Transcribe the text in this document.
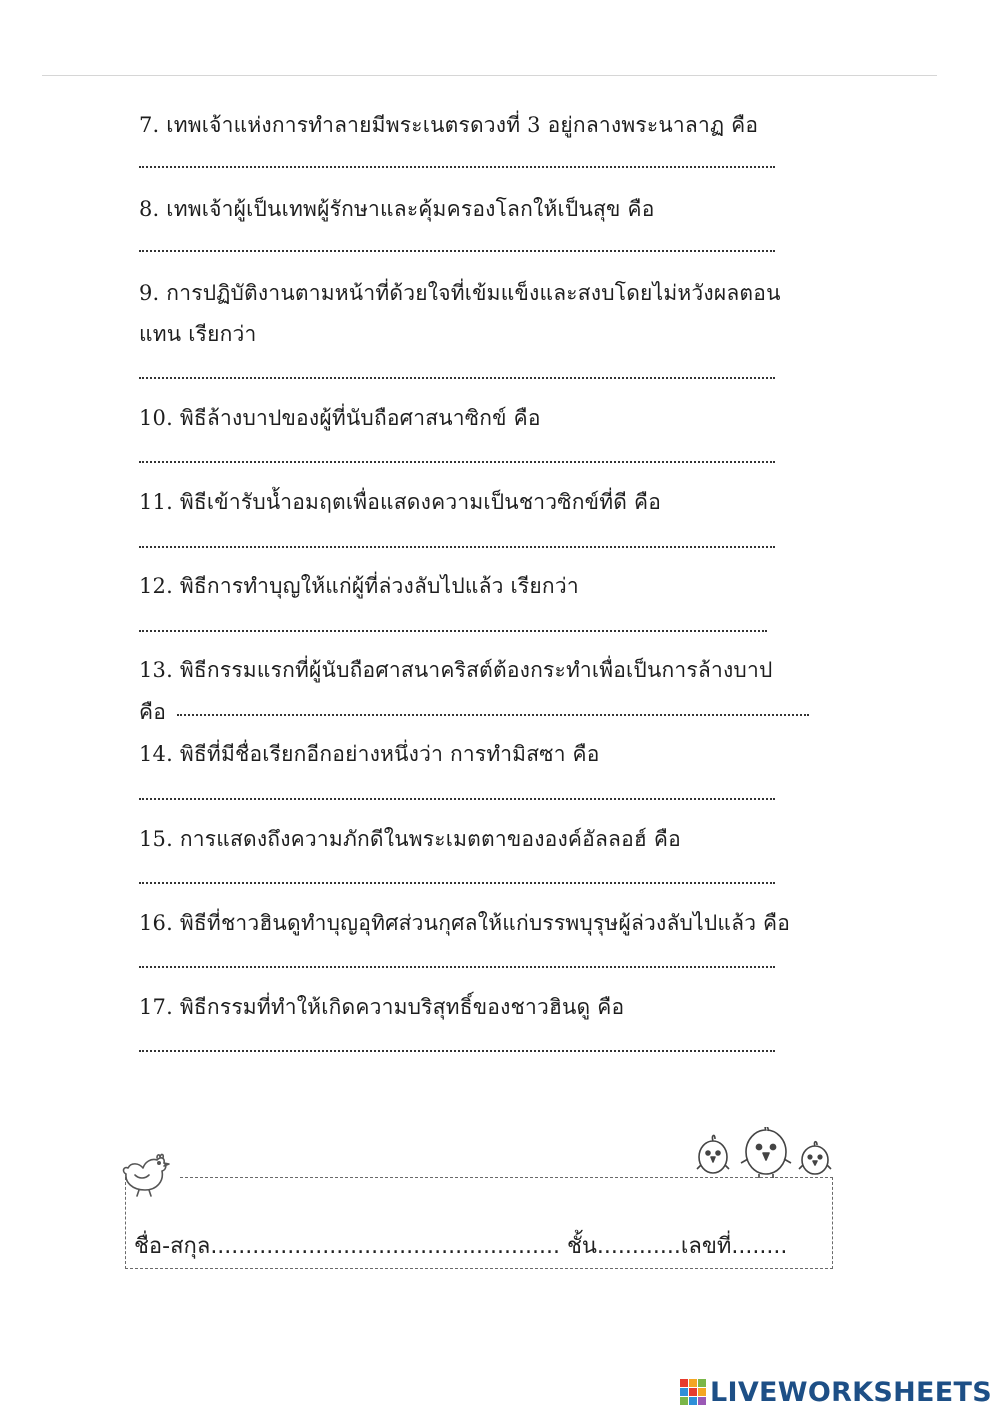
7. เทพเจ้าแห่งการทำลายมีพระเนตรดวงที่ 3 อยู่กลางพระนาลาฏ คือ
8. เทพเจ้าผู้เป็นเทพผู้รักษาและคุ้มครองโลกให้เป็นสุข คือ
9. การปฏิบัติงานตามหน้าที่ด้วยใจที่เข้มแข็งและสงบโดยไม่หวังผลตอน
แทน เรียกว่า
10. พิธีล้างบาปของผู้ที่นับถือศาสนาซิกข์ คือ
11. พิธีเข้ารับน้ำอมฤตเพื่อแสดงความเป็นชาวซิกข์ที่ดี คือ
12. พิธีการทำบุญให้แก่ผู้ที่ล่วงลับไปแล้ว เรียกว่า
13. พิธีกรรมแรกที่ผู้นับถือศาสนาคริสต์ต้องกระทำเพื่อเป็นการล้างบาป
คือ
14. พิธีที่มีชื่อเรียกอีกอย่างหนึ่งว่า การทำมิสซา คือ
15. การแสดงถึงความภักดีในพระเมตตาขององค์อัลลอฮ์ คือ
16. พิธีที่ชาวฮินดูทำบุญอุทิศส่วนกุศลให้แก่บรรพบุรุษผู้ล่วงลับไปแล้ว คือ
17. พิธีกรรมที่ทำให้เกิดความบริสุทธิ์ของชาวฮินดู คือ
ชื่อ-สกุล.................................................. ชั้น............เลขที่........
LIVEWORKSHEETS
